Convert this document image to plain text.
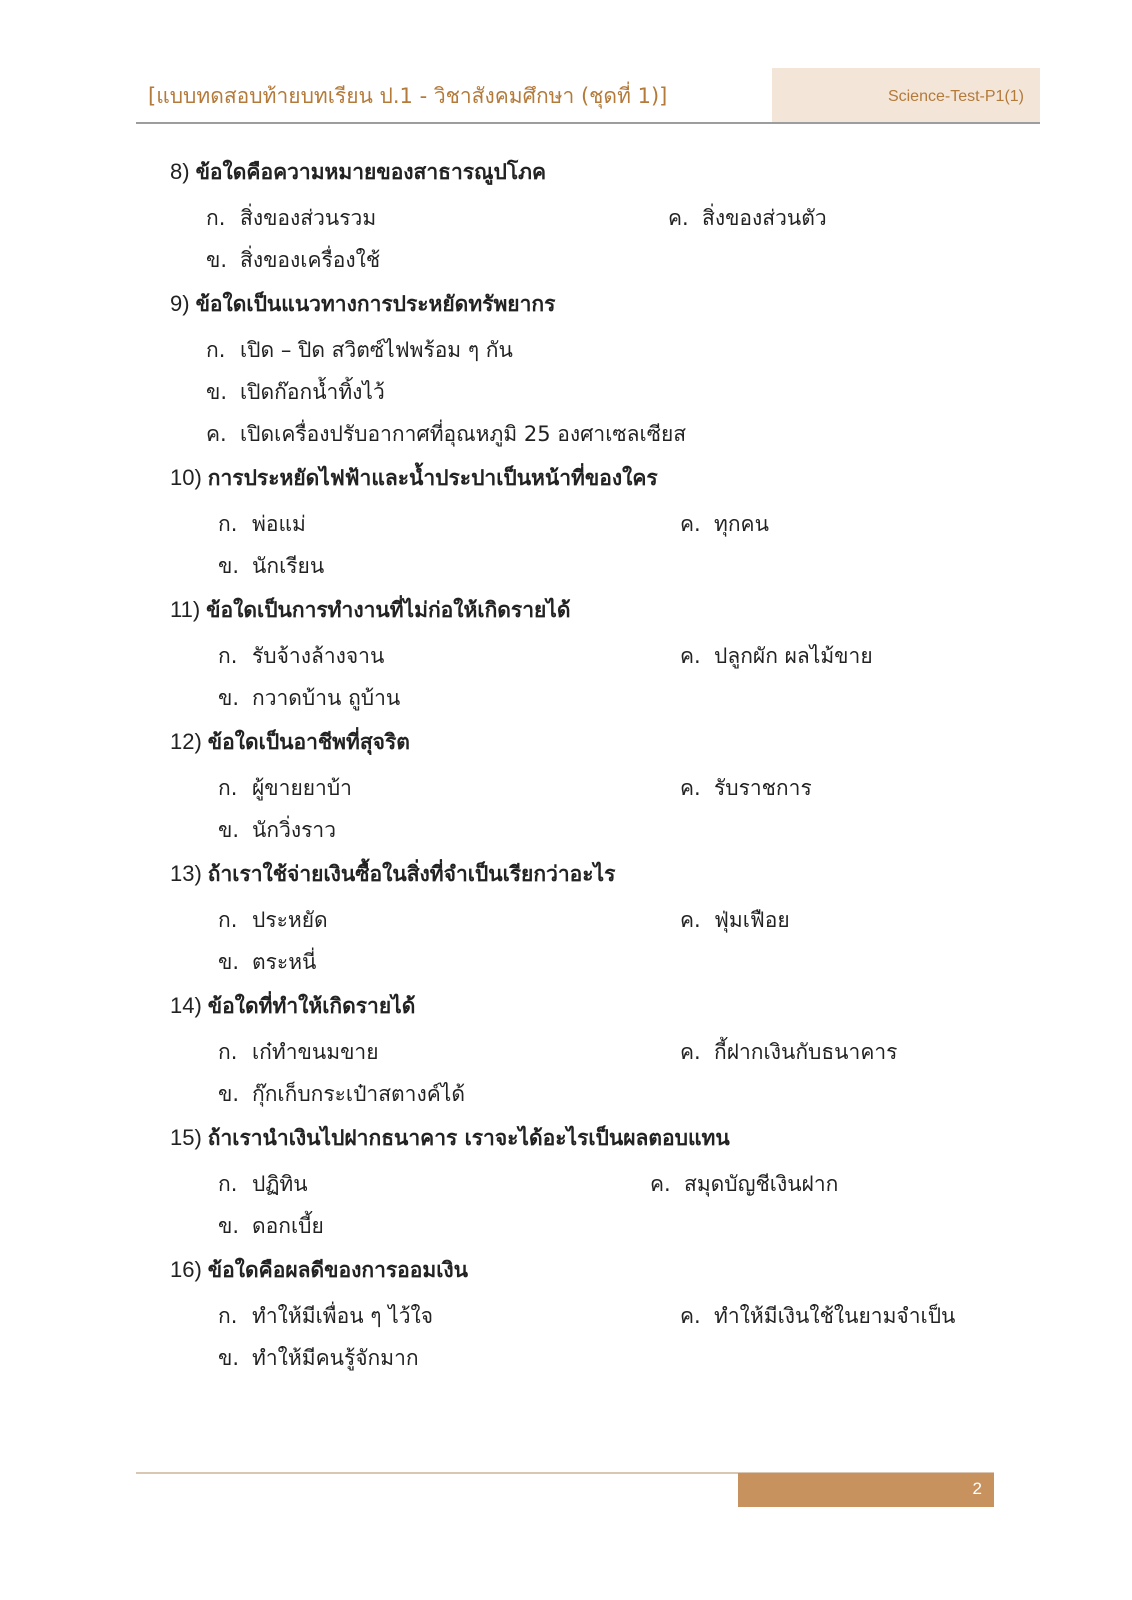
[แบบทดสอบท้ายบทเรียน ป.1 - วิชาสังคมศึกษา (ชุดที่ 1)]	Science-Test-P1(1)
8) ข้อใดคือความหมายของสาธารณูปโภค
ก. สิ่งของส่วนรวม	ค. สิ่งของส่วนตัว
ข. สิ่งของเครื่องใช้
9) ข้อใดเป็นแนวทางการประหยัดทรัพยากร
ก. เปิด – ปิด สวิตซ์ไฟพร้อม ๆ กัน
ข. เปิดก๊อกน้ำทิ้งไว้
ค. เปิดเครื่องปรับอากาศที่อุณหภูมิ 25 องศาเซลเซียส
10) การประหยัดไฟฟ้าและน้ำประปาเป็นหน้าที่ของใคร
ก. พ่อแม่	ค. ทุกคน
ข. นักเรียน
11) ข้อใดเป็นการทำงานที่ไม่ก่อให้เกิดรายได้
ก. รับจ้างล้างจาน	ค. ปลูกผัก ผลไม้ขาย
ข. กวาดบ้าน ถูบ้าน
12) ข้อใดเป็นอาชีพที่สุจริต
ก. ผู้ขายยาบ้า	ค. รับราชการ
ข. นักวิ่งราว
13) ถ้าเราใช้จ่ายเงินซื้อในสิ่งที่จำเป็นเรียกว่าอะไร
ก. ประหยัด	ค. ฟุ่มเฟือย
ข. ตระหนี่
14) ข้อใดที่ทำให้เกิดรายได้
ก. เก๋ทำขนมขาย	ค. กี้ฝากเงินกับธนาคาร
ข. กุ๊กเก็บกระเป๋าสตางค์ได้
15) ถ้าเรานำเงินไปฝากธนาคาร เราจะได้อะไรเป็นผลตอบแทน
ก. ปฏิทิน	ค. สมุดบัญชีเงินฝาก
ข. ดอกเบี้ย
16) ข้อใดคือผลดีของการออมเงิน
ก. ทำให้มีเพื่อน ๆ ไว้ใจ	ค. ทำให้มีเงินใช้ในยามจำเป็น
ข. ทำให้มีคนรู้จักมาก
2
